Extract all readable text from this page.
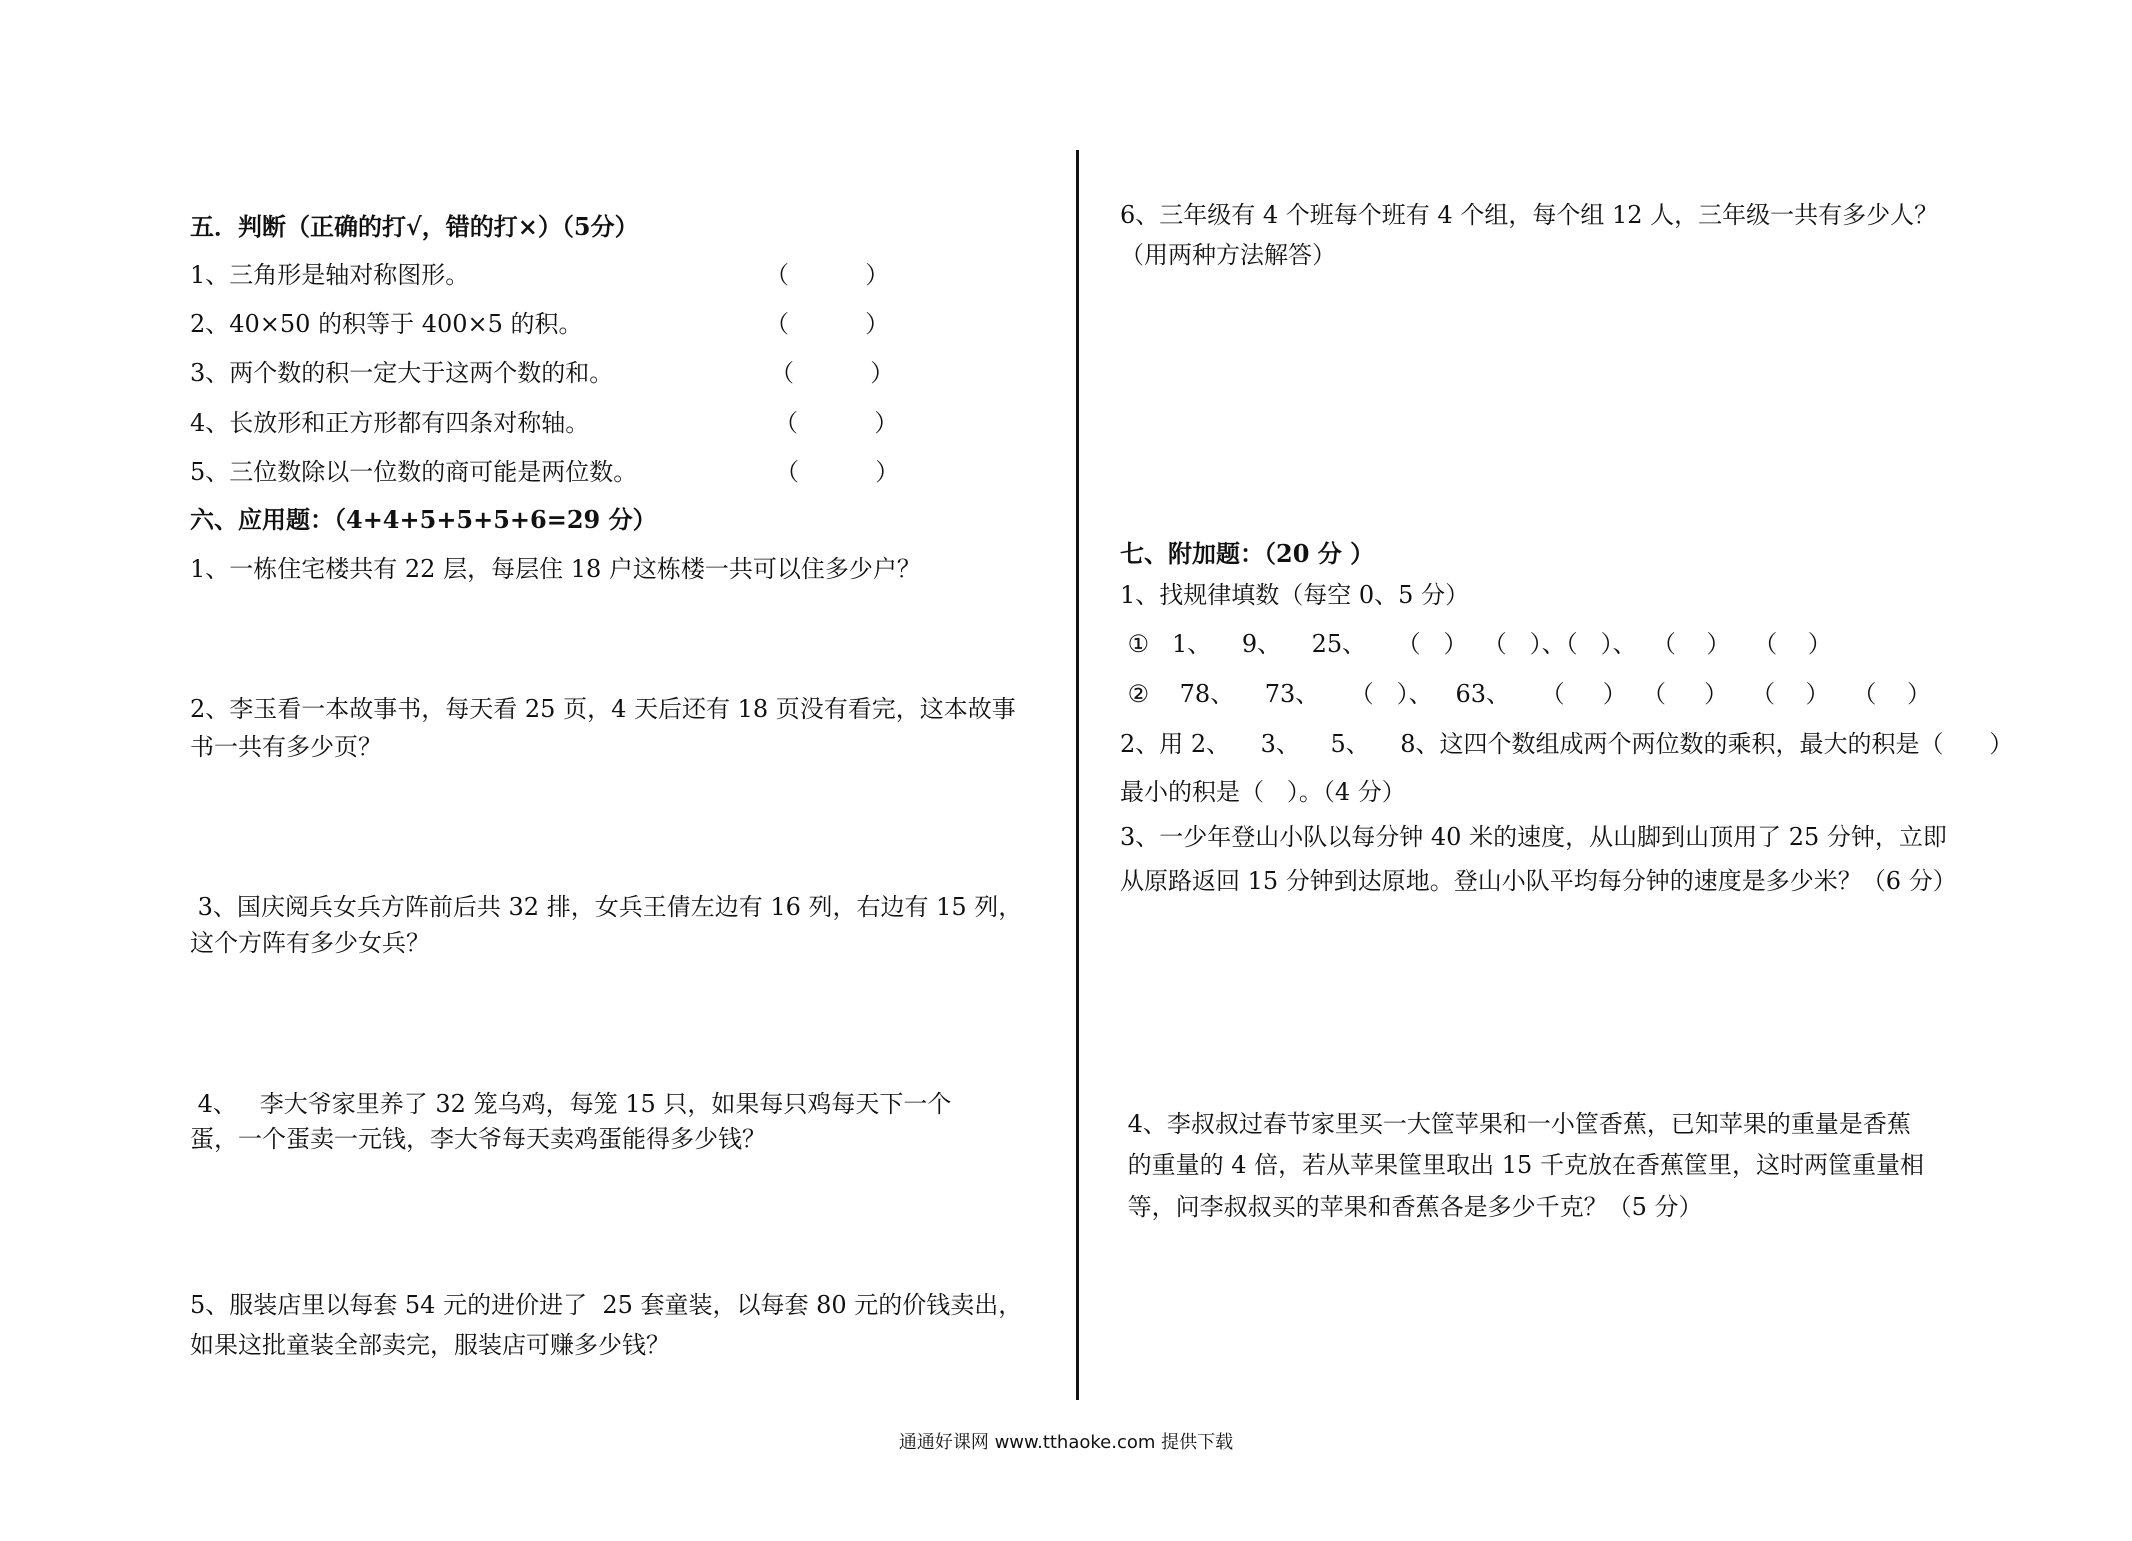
五．判断（正确的打√，错的打×）（5分）
1、三角形是轴对称图形。	（          ）
2、40×50 的积等于 400×5 的积。	（          ）
3、两个数的积一定大于这两个数的和。	（          ）
4、长放形和正方形都有四条对称轴。	（          ）
5、三位数除以一位数的商可能是两位数。	（          ）
六、应用题：（4+4+5+5+5+6=29 分）
1、一栋住宅楼共有 22 层，每层住 18 户这栋楼一共可以住多少户？
2、李玉看一本故事书，每天看 25 页，4 天后还有 18 页没有看完，这本故事
书一共有多少页？
3、国庆阅兵女兵方阵前后共 32 排，女兵王倩左边有 16 列，右边有 15 列，
这个方阵有多少女兵？
4、   李大爷家里养了 32 笼乌鸡，每笼 15 只，如果每只鸡每天下一个
蛋，一个蛋卖一元钱，李大爷每天卖鸡蛋能得多少钱？
5、服装店里以每套 54 元的进价进了  25 套童装，以每套 80 元的价钱卖出，
如果这批童装全部卖完，服装店可赚多少钱？
6、三年级有 4 个班每个班有 4 个组，每个组 12 人，三年级一共有多少人？
（用两种方法解答）
七、附加题：（20 分 ）
1、找规律填数（每空 0、5 分）
①   1、    9、    25、    （   ）  （   ）、（   ）、  （    ）   （    ）
②    78、    73、    （   ）、   63、    （     ）  （     ）   （    ）   （    ）
2、用 2、    3、    5、    8、这四个数组成两个两位数的乘积，最大的积是（      ）
最小的积是（   ）。（4 分）
3、一少年登山小队以每分钟 40 米的速度，从山脚到山顶用了 25 分钟，立即
从原路返回 15 分钟到达原地。登山小队平均每分钟的速度是多少米？（6 分）
4、李叔叔过春节家里买一大筐苹果和一小筐香蕉，已知苹果的重量是香蕉
的重量的 4 倍，若从苹果筐里取出 15 千克放在香蕉筐里，这时两筐重量相
等，问李叔叔买的苹果和香蕉各是多少千克？（5 分）
通通好课网 www.tthaoke.com 提供下载
